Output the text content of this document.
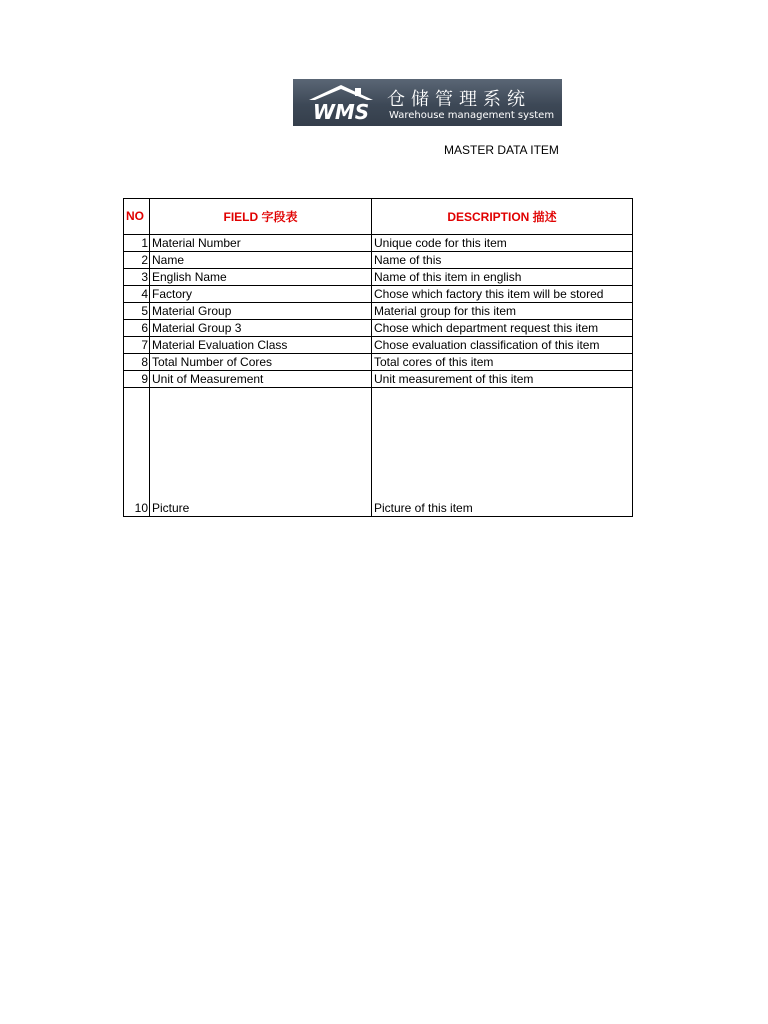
WMS
仓储管理系统
Warehouse management system
MASTER DATA ITEM
NO	FIELD 字段表	DESCRIPTION 描述
1	Material Number	Unique code for this item
2	Name	Name of this
3	English Name	Name of this item in english
4	Factory	Chose which factory this item will be stored
5	Material Group	Material group for this item
6	Material Group 3	Chose which department request this item
7	Material Evaluation Class	Chose evaluation classification of this item
8	Total Number of Cores	Total cores of this item
9	Unit of Measurement	Unit measurement of this item
10	Picture	Picture of this item
